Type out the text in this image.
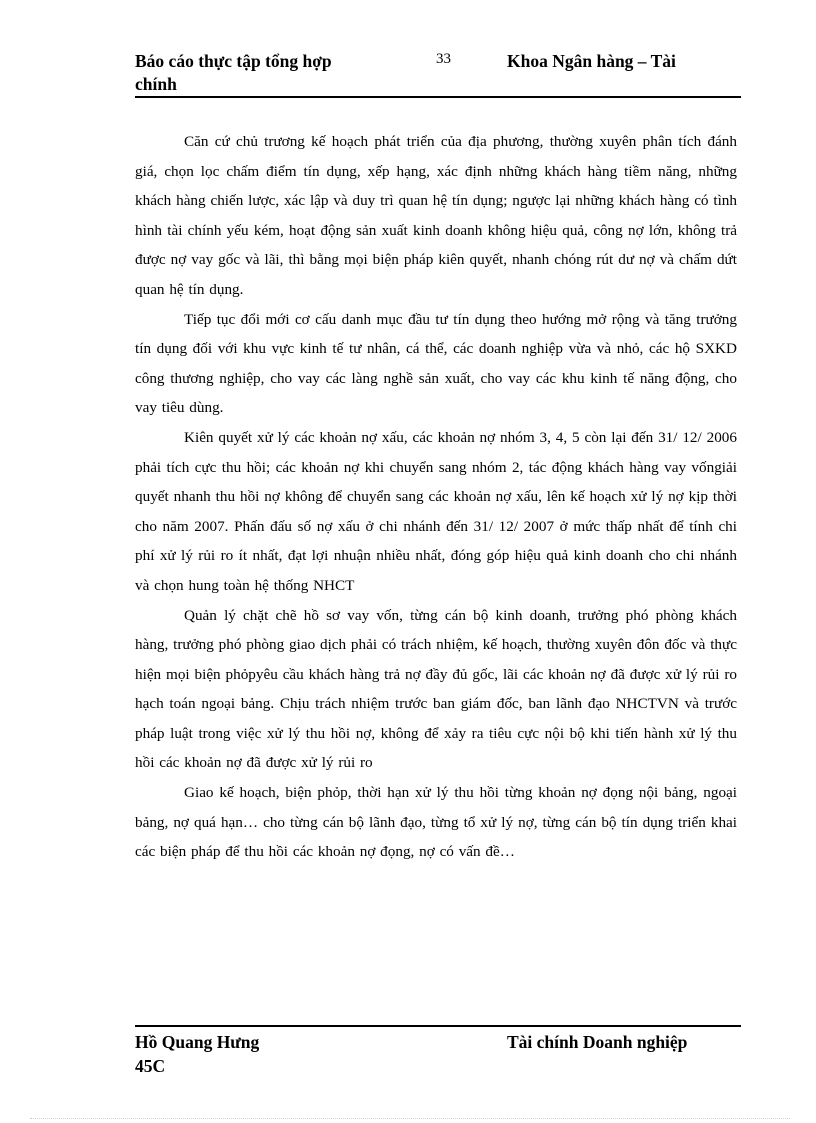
Báo cáo thực tập tổng hợp chính
33	Khoa Ngân hàng – Tài

Căn cứ chủ trương kế hoạch phát triển của địa phương, thường xuyên phân tích đánh giá, chọn lọc chấm điểm tín dụng, xếp hạng, xác định những khách hàng tiềm năng, những khách hàng chiến lược, xác lập và duy trì quan hệ tín dụng; ngược lại những khách hàng có tình hình tài chính yếu kém, hoạt động sản xuất kinh doanh không hiệu quả, công nợ lớn, không trả được nợ vay gốc và lãi, thì bằng mọi biện pháp kiên quyết, nhanh chóng rút dư nợ và chấm dứt quan hệ tín dụng.

Tiếp tục đổi mới cơ cấu danh mục đầu tư tín dụng theo hướng mở rộng và tăng trưởng tín dụng đối với khu vực kinh tế tư nhân, cá thể, các doanh nghiệp vừa và nhỏ, các hộ SXKD công thương nghiệp, cho vay các làng nghề sản xuất, cho vay các khu kinh tế năng động, cho vay tiêu dùng.

Kiên quyết xử lý các khoản nợ xấu, các khoản nợ nhóm 3, 4, 5 còn lại đến 31/ 12/ 2006 phải tích cực thu hồi; các khoản nợ khi chuyển sang nhóm 2, tác động khách hàng vay vốngiải quyết nhanh thu hồi nợ không để chuyển sang các khoản nợ xấu, lên kế hoạch xử lý nợ kịp thời cho năm 2007. Phấn đấu số nợ xấu ở chi nhánh đến 31/ 12/ 2007 ở mức thấp nhất để tính chi phí xử lý rủi ro ít nhất, đạt lợi nhuận nhiều nhất, đóng góp hiệu quả kinh doanh cho chi nhánh và chọn hung toàn hệ thống NHCT

Quản lý chặt chẽ hồ sơ vay vốn, từng cán bộ kinh doanh, trưởng phó phòng khách hàng, trưởng phó phòng giao dịch phải có trách nhiệm, kế hoạch, thường xuyên đôn đốc và thực hiện mọi biện phỏpyêu cầu khách hàng trả nợ đầy đủ gốc, lãi các khoản nợ đã được xử lý rủi ro hạch toán ngoại bảng. Chịu trách nhiệm trước ban giám đốc, ban lãnh đạo NHCTVN và trước pháp luật trong việc xử lý thu hồi nợ, không để xảy ra tiêu cực nội bộ khi tiến hành xử lý thu hồi các khoản nợ đã được xử lý rủi ro

Giao kế hoạch, biện phỏp, thời hạn xử lý thu hồi từng khoản nợ đọng nội bảng, ngoại bảng, nợ quá hạn… cho từng cán bộ lãnh đạo, từng tổ xử lý nợ, từng cán bộ tín dụng triển khai các biện pháp để thu hồi các khoản nợ đọng, nợ có vấn đề…

Hồ Quang Hưng 45C
Tài chính Doanh nghiệp
